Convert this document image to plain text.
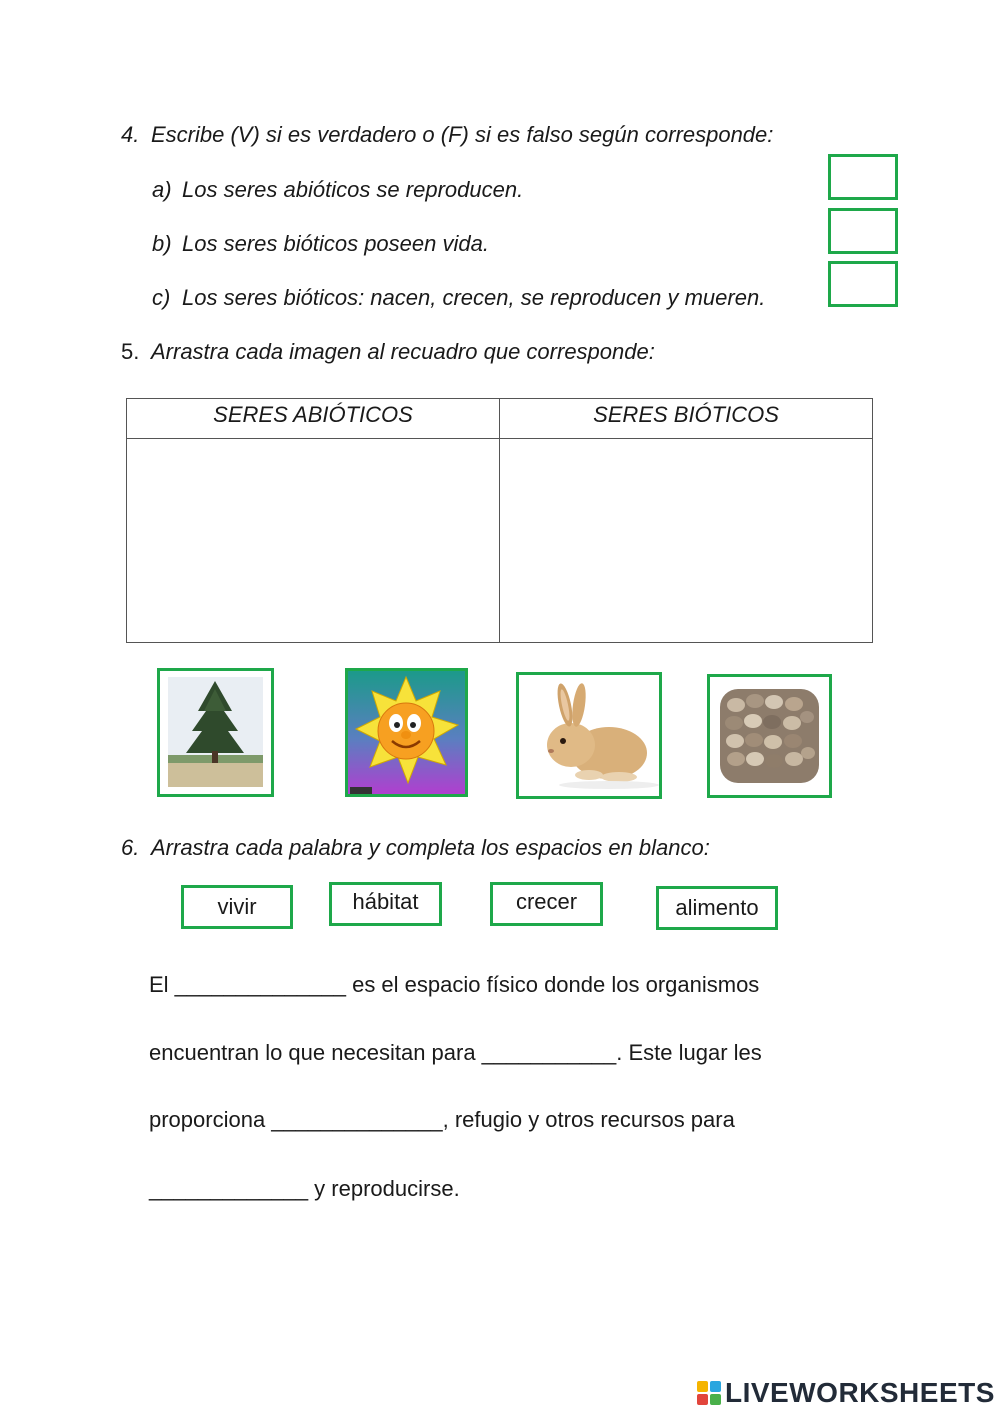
4. Escribe (V) si es verdadero o (F) si es falso según corresponde:
a) Los seres abióticos se reproducen.
b) Los seres bióticos poseen vida.
c) Los seres bióticos: nacen, crecen, se reproducen y mueren.
5. Arrastra cada imagen al recuadro que corresponde:
SERES ABIÓTICOS	SERES BIÓTICOS

6. Arrastra cada palabra y completa los espacios en blanco:
vivir	hábitat	crecer	alimento
El ______________ es el espacio físico donde los organismos
encuentran lo que necesitan para ___________. Este lugar les
proporciona ______________, refugio y otros recursos para
_____________ y reproducirse.
LIVEWORKSHEETS
